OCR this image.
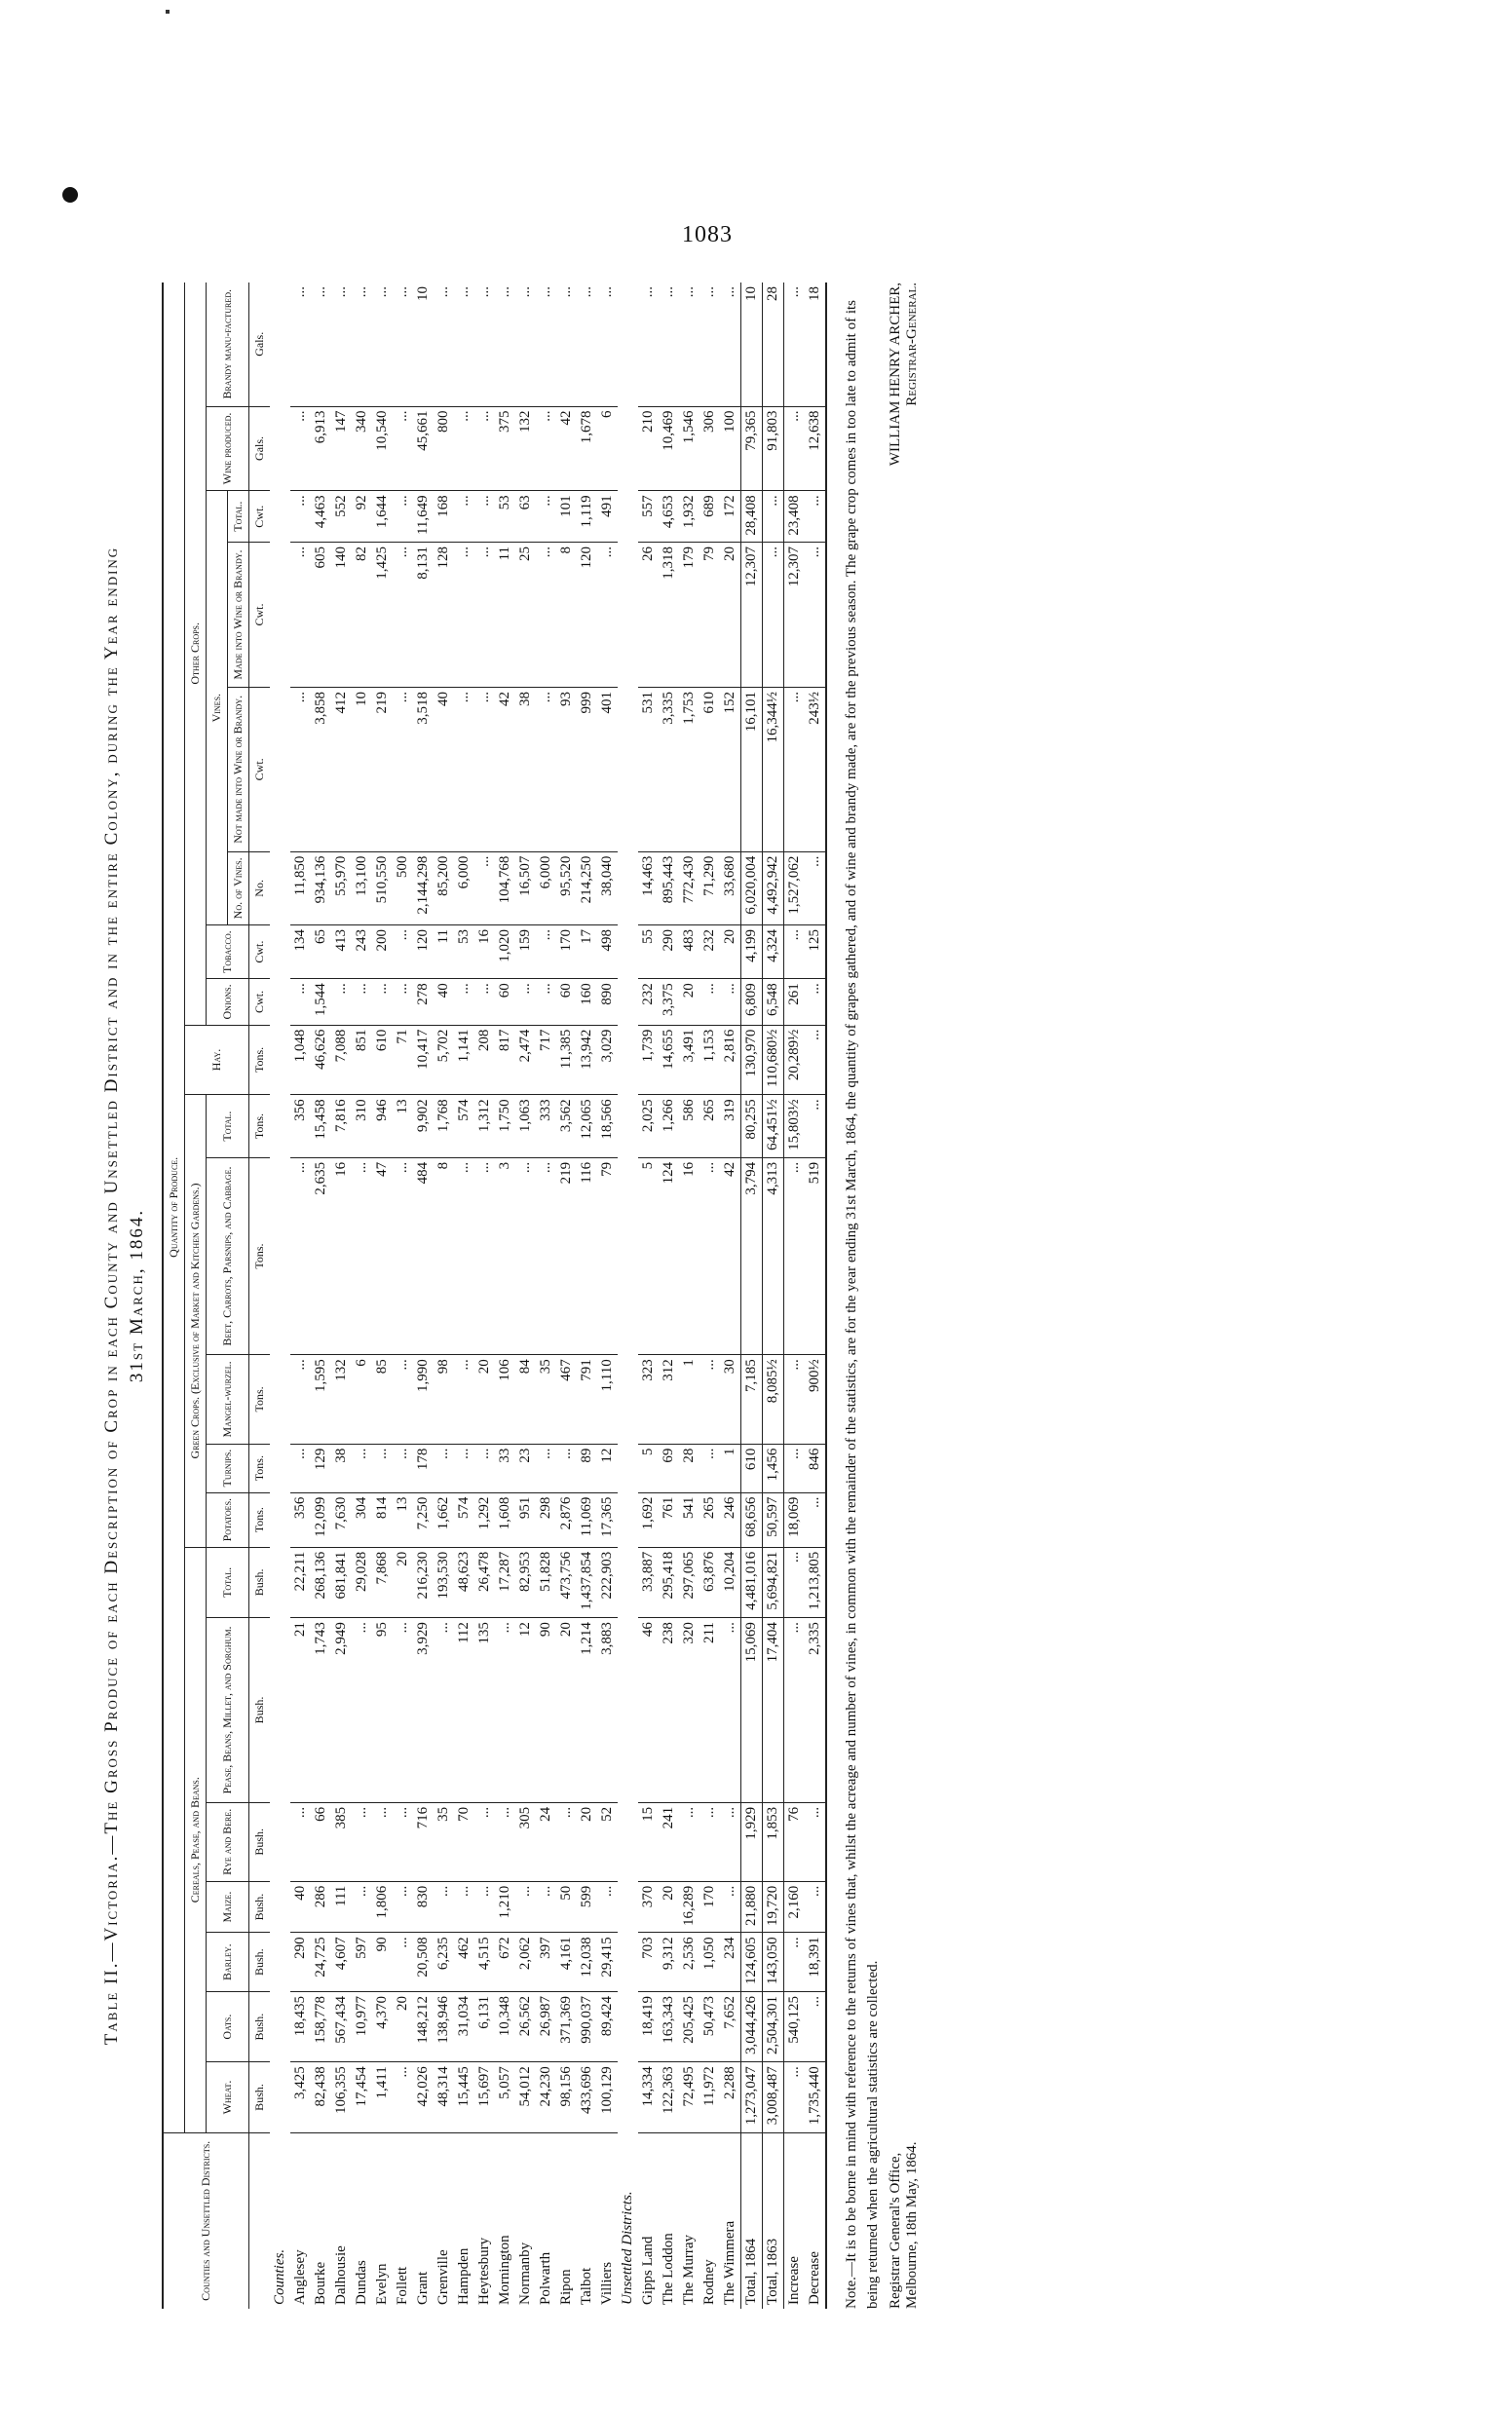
1083
Table II.—Victoria.—The Gross Produce of each Description of Crop in each County and Unsettled District and in the entire Colony, during the Year ending 31st March, 1864.
Counties and Unsettled Districts.	Quantity of Produce.																				
	Cereals, Pease, and Beans.							Green Crops. (Exclusive of Market and Kitchen Gardens.)					Hay.	Other Crops.							
	Wheat.	Oats.	Barley.	Maize.	Rye and Bere.	Pease, Beans, Millet, and Sorghum.	Total.	Potatoes.	Turnips.	Mangel-wurzel.	Beet, Carrots, Parsnips, and Cabbage.	Total.		Onions.	Tobacco.	Vines.				Wine produced.	Brandy manu-factured.
																No. of Vines.	Not made into Wine or Brandy.	Made into Wine or Brandy.	Total.		
	Bush.	Bush.	Bush.	Bush.	Bush.	Bush.	Bush.	Tons.	Tons.	Tons.	Tons.	Tons.	Tons.	Cwt.	Cwt.	No.	Cwt.	Cwt.	Cwt.	Gals.	Gals.
Counties.																					
Anglesey	3,425	18,435	290	40	...	21	22,211	356	...	...	...	356	1,048	...	134	11,850	...	...	...	...	...
Bourke	82,438	158,778	24,725	286	66	1,743	268,136	12,099	129	1,595	2,635	15,458	46,626	1,544	65	934,136	3,858	605	4,463	6,913	...
Dalhousie	106,355	567,434	4,607	111	385	2,949	681,841	7,630	38	132	16	7,816	7,088	...	413	55,970	412	140	552	147	...
Dundas	17,454	10,977	597	...	...	...	29,028	304	...	6	...	310	851	...	243	13,100	10	82	92	340	...
Evelyn	1,411	4,370	90	1,806	...	95	7,868	814	...	85	47	946	610	...	200	510,550	219	1,425	1,644	10,540	...
Follett	...	20	...	...	...	...	20	13	...	...	...	13	71	...	...	500	...	...	...	...	...
Grant	42,026	148,212	20,508	830	716	3,929	216,230	7,250	178	1,990	484	9,902	10,417	278	120	2,144,298	3,518	8,131	11,649	45,661	10
Grenville	48,314	138,946	6,235	...	35	...	193,530	1,662	...	98	8	1,768	5,702	40	11	85,200	40	128	168	800	...
Hampden	15,445	31,034	462	...	70	112	48,623	574	...	...	...	574	1,141	...	53	6,000	...	...	...	...	...
Heytesbury	15,697	6,131	4,515	...	...	135	26,478	1,292	...	20	...	1,312	208	...	16	...	...	...	...	...	...
Mornington	5,057	10,348	672	1,210	...	...	17,287	1,608	33	106	3	1,750	817	60	1,020	104,768	42	11	53	375	...
Normanby	54,012	26,562	2,062	...	305	12	82,953	951	23	84	...	1,063	2,474	...	159	16,507	38	25	63	132	...
Polwarth	24,230	26,987	397	...	24	90	51,828	298	...	35	...	333	717	...	...	6,000	...	...	...	...	...
Ripon	98,156	371,369	4,161	50	...	20	473,756	2,876	...	467	219	3,562	11,385	60	170	95,520	93	8	101	42	...
Talbot	433,696	990,037	12,038	599	20	1,214	1,437,854	11,069	89	791	116	12,065	13,942	160	17	214,250	999	120	1,119	1,678	...
Villiers	100,129	89,424	29,415	...	52	3,883	222,903	17,365	12	1,110	79	18,566	3,029	890	498	38,040	401	...	491	6	...
Unsettled Districts.																					
Gipps Land	14,334	18,419	703	370	15	46	33,887	1,692	5	323	5	2,025	1,739	232	55	14,463	531	26	557	210	...
The Loddon	122,363	163,343	9,312	20	241	238	295,418	761	69	312	124	1,266	14,655	3,375	290	895,443	3,335	1,318	4,653	10,469	...
The Murray	72,495	205,425	2,536	16,289	...	320	297,065	541	28	1	16	586	3,491	20	483	772,430	1,753	179	1,932	1,546	...
Rodney	11,972	50,473	1,050	170	...	211	63,876	265	...	...	...	265	1,153	...	232	71,290	610	79	689	306	...
The Wimmera	2,288	7,652	234	...	...	...	10,204	246	1	30	42	319	2,816	...	20	33,680	152	20	172	100	...
Total, 1864	1,273,047	3,044,426	124,605	21,880	1,929	15,069	4,481,016	68,656	610	7,185	3,794	80,255	130,970	6,809	4,199	6,020,004	16,101	12,307	28,408	79,365	10
Total, 1863	3,008,487	2,504,301	143,050	19,720	1,853	17,404	5,694,821	50,597	1,456	8,085½	4,313	64,451½	110,680½	6,548	4,324	4,492,942	16,344½	...	...	91,803	28
Increase	...	540,125	...	2,160	76	...	...	18,069	...	...	...	15,803½	20,289½	261	...	1,527,062	...	12,307	23,408	...	...
Decrease	1,735,440	...	18,391	...	...	2,335	1,213,805	...	846	900½	519	...	...	...	125	...	243½	...	...	12,638	18
Note.—It is to be borne in mind with reference to the returns of vines that, whilst the acreage and number of vines, in common with the remainder of the statistics, are for the year ending 31st March, 1864, the quantity of grapes gathered, and of wine and brandy made, are for the previous season. The grape crop comes in too late to admit of its being returned when the agricultural statistics are collected. Registrar General's Office, Melbourne, 18th May, 1864.
WILLIAM HENRY ARCHER, Registrar-General.
